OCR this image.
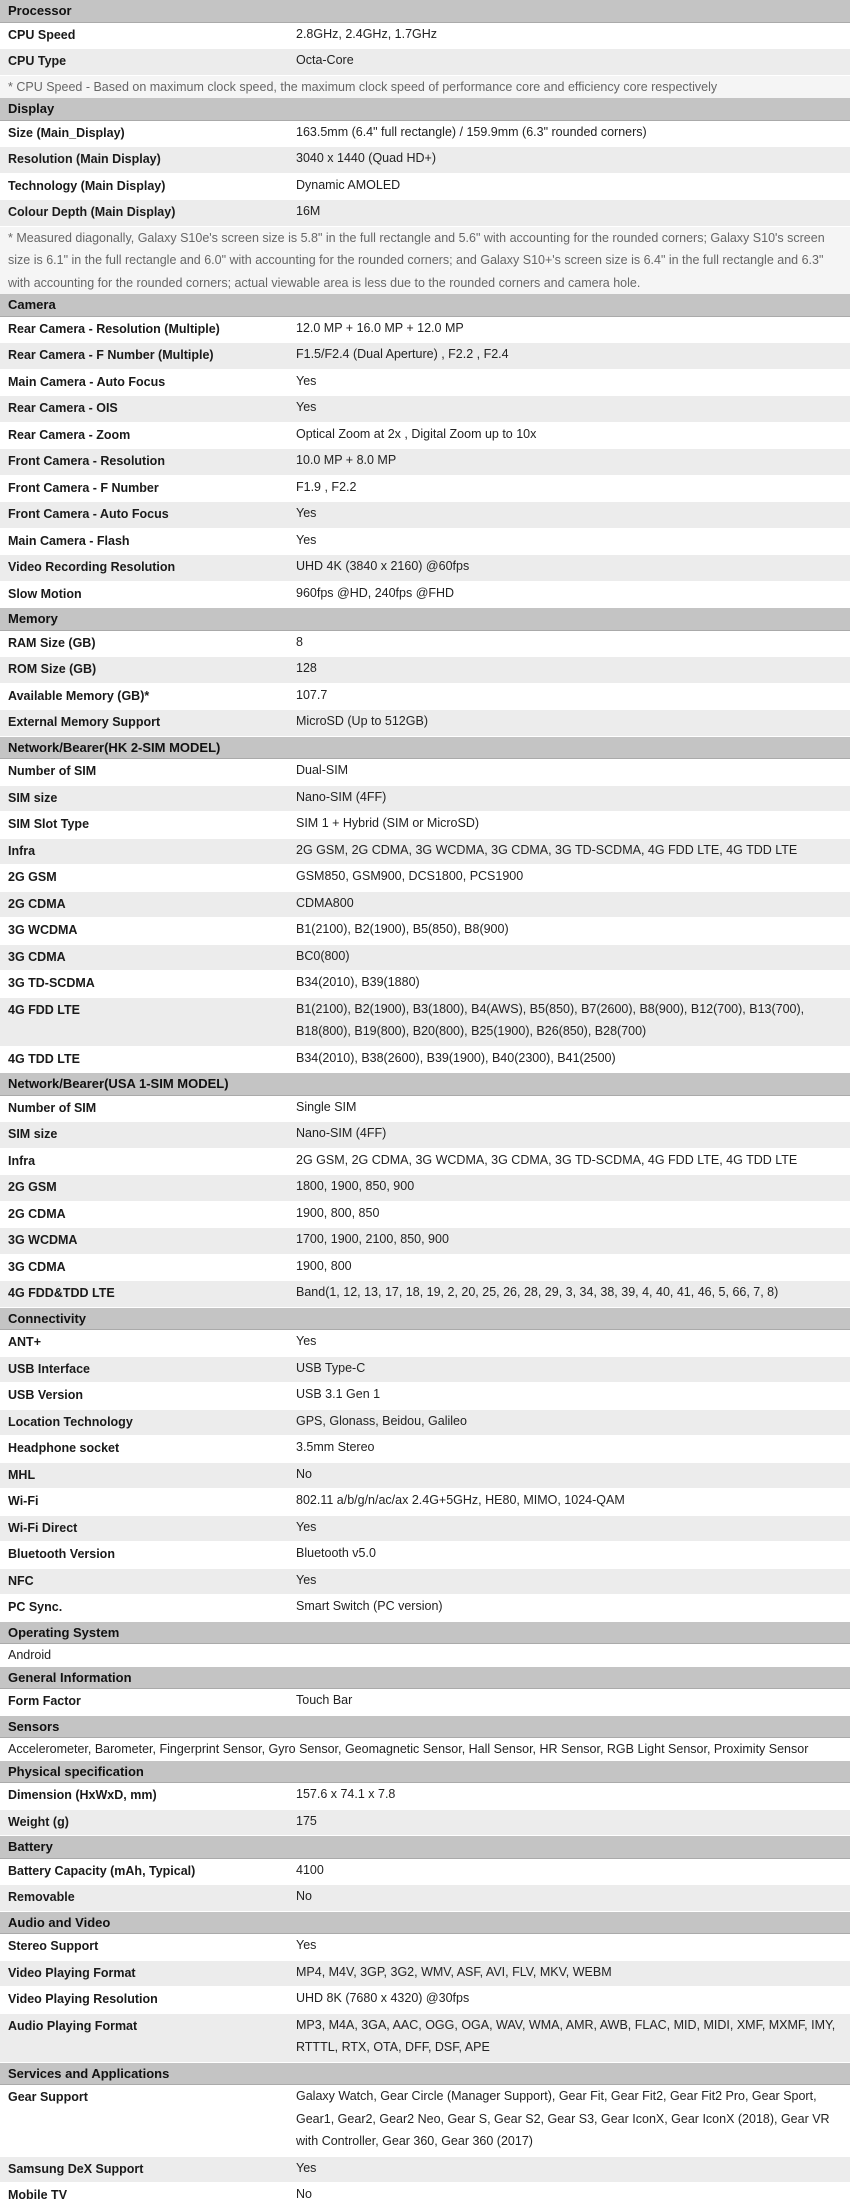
Processor
CPU Speed	2.8GHz, 2.4GHz, 1.7GHz
CPU Type	Octa-Core
* CPU Speed - Based on maximum clock speed, the maximum clock speed of performance core and efficiency core respectively
Display
Size (Main_Display)	163.5mm (6.4" full rectangle) / 159.9mm (6.3" rounded corners)
Resolution (Main Display)	3040 x 1440 (Quad HD+)
Technology (Main Display)	Dynamic AMOLED
Colour Depth (Main Display)	16M
* Measured diagonally, Galaxy S10e's screen size is 5.8" in the full rectangle and 5.6" with accounting for the rounded corners; Galaxy S10's screen size is 6.1" in the full rectangle and 6.0" with accounting for the rounded corners; and Galaxy S10+'s screen size is 6.4" in the full rectangle and 6.3" with accounting for the rounded corners; actual viewable area is less due to the rounded corners and camera hole.
Camera
Rear Camera - Resolution (Multiple)	12.0 MP + 16.0 MP + 12.0 MP
Rear Camera - F Number (Multiple)	F1.5/F2.4 (Dual Aperture) , F2.2 , F2.4
Main Camera - Auto Focus	Yes
Rear Camera - OIS	Yes
Rear Camera - Zoom	Optical Zoom at 2x , Digital Zoom up to 10x
Front Camera - Resolution	10.0 MP + 8.0 MP
Front Camera - F Number	F1.9 , F2.2
Front Camera - Auto Focus	Yes
Main Camera - Flash	Yes
Video Recording Resolution	UHD 4K (3840 x 2160) @60fps
Slow Motion	960fps @HD, 240fps @FHD
Memory
RAM Size (GB)	8
ROM Size (GB)	128
Available Memory (GB)*	107.7
External Memory Support	MicroSD (Up to 512GB)
Network/Bearer(HK 2-SIM MODEL)
Number of SIM	Dual-SIM
SIM size	Nano-SIM (4FF)
SIM Slot Type	SIM 1 + Hybrid (SIM or MicroSD)
Infra	2G GSM, 2G CDMA, 3G WCDMA, 3G CDMA, 3G TD-SCDMA, 4G FDD LTE, 4G TDD LTE
2G GSM	GSM850, GSM900, DCS1800, PCS1900
2G CDMA	CDMA800
3G WCDMA	B1(2100), B2(1900), B5(850), B8(900)
3G CDMA	BC0(800)
3G TD-SCDMA	B34(2010), B39(1880)
4G FDD LTE	B1(2100), B2(1900), B3(1800), B4(AWS), B5(850), B7(2600), B8(900), B12(700), B13(700), B18(800), B19(800), B20(800), B25(1900), B26(850), B28(700)
4G TDD LTE	B34(2010), B38(2600), B39(1900), B40(2300), B41(2500)
Network/Bearer(USA 1-SIM MODEL)
Number of SIM	Single SIM
SIM size	Nano-SIM (4FF)
Infra	2G GSM, 2G CDMA, 3G WCDMA, 3G CDMA, 3G TD-SCDMA, 4G FDD LTE, 4G TDD LTE
2G GSM	1800, 1900, 850, 900
2G CDMA	1900, 800, 850
3G WCDMA	1700, 1900, 2100, 850, 900
3G CDMA	1900, 800
4G FDD&TDD LTE	Band(1, 12, 13, 17, 18, 19, 2, 20, 25, 26, 28, 29, 3, 34, 38, 39, 4, 40, 41, 46, 5, 66, 7, 8)
Connectivity
ANT+	Yes
USB Interface	USB Type-C
USB Version	USB 3.1 Gen 1
Location Technology	GPS, Glonass, Beidou, Galileo
Headphone socket	3.5mm Stereo
MHL	No
Wi-Fi	802.11 a/b/g/n/ac/ax 2.4G+5GHz, HE80, MIMO, 1024-QAM
Wi-Fi Direct	Yes
Bluetooth Version	Bluetooth v5.0
NFC	Yes
PC Sync.	Smart Switch (PC version)
Operating System
Android
General Information
Form Factor	Touch Bar
Sensors
Accelerometer, Barometer, Fingerprint Sensor, Gyro Sensor, Geomagnetic Sensor, Hall Sensor, HR Sensor, RGB Light Sensor, Proximity Sensor
Physical specification
Dimension (HxWxD, mm)	157.6 x 74.1 x 7.8
Weight (g)	175
Battery
Battery Capacity (mAh, Typical)	4100
Removable	No
Audio and Video
Stereo Support	Yes
Video Playing Format	MP4, M4V, 3GP, 3G2, WMV, ASF, AVI, FLV, MKV, WEBM
Video Playing Resolution	UHD 8K (7680 x 4320) @30fps
Audio Playing Format	MP3, M4A, 3GA, AAC, OGG, OGA, WAV, WMA, AMR, AWB, FLAC, MID, MIDI, XMF, MXMF, IMY, RTTTL, RTX, OTA, DFF, DSF, APE
Services and Applications
Gear Support	Galaxy Watch, Gear Circle (Manager Support), Gear Fit, Gear Fit2, Gear Fit2 Pro, Gear Sport, Gear1, Gear2, Gear2 Neo, Gear S, Gear S2, Gear S3, Gear IconX, Gear IconX (2018), Gear VR with Controller, Gear 360, Gear 360 (2017)
Samsung DeX Support	Yes
Mobile TV	No
